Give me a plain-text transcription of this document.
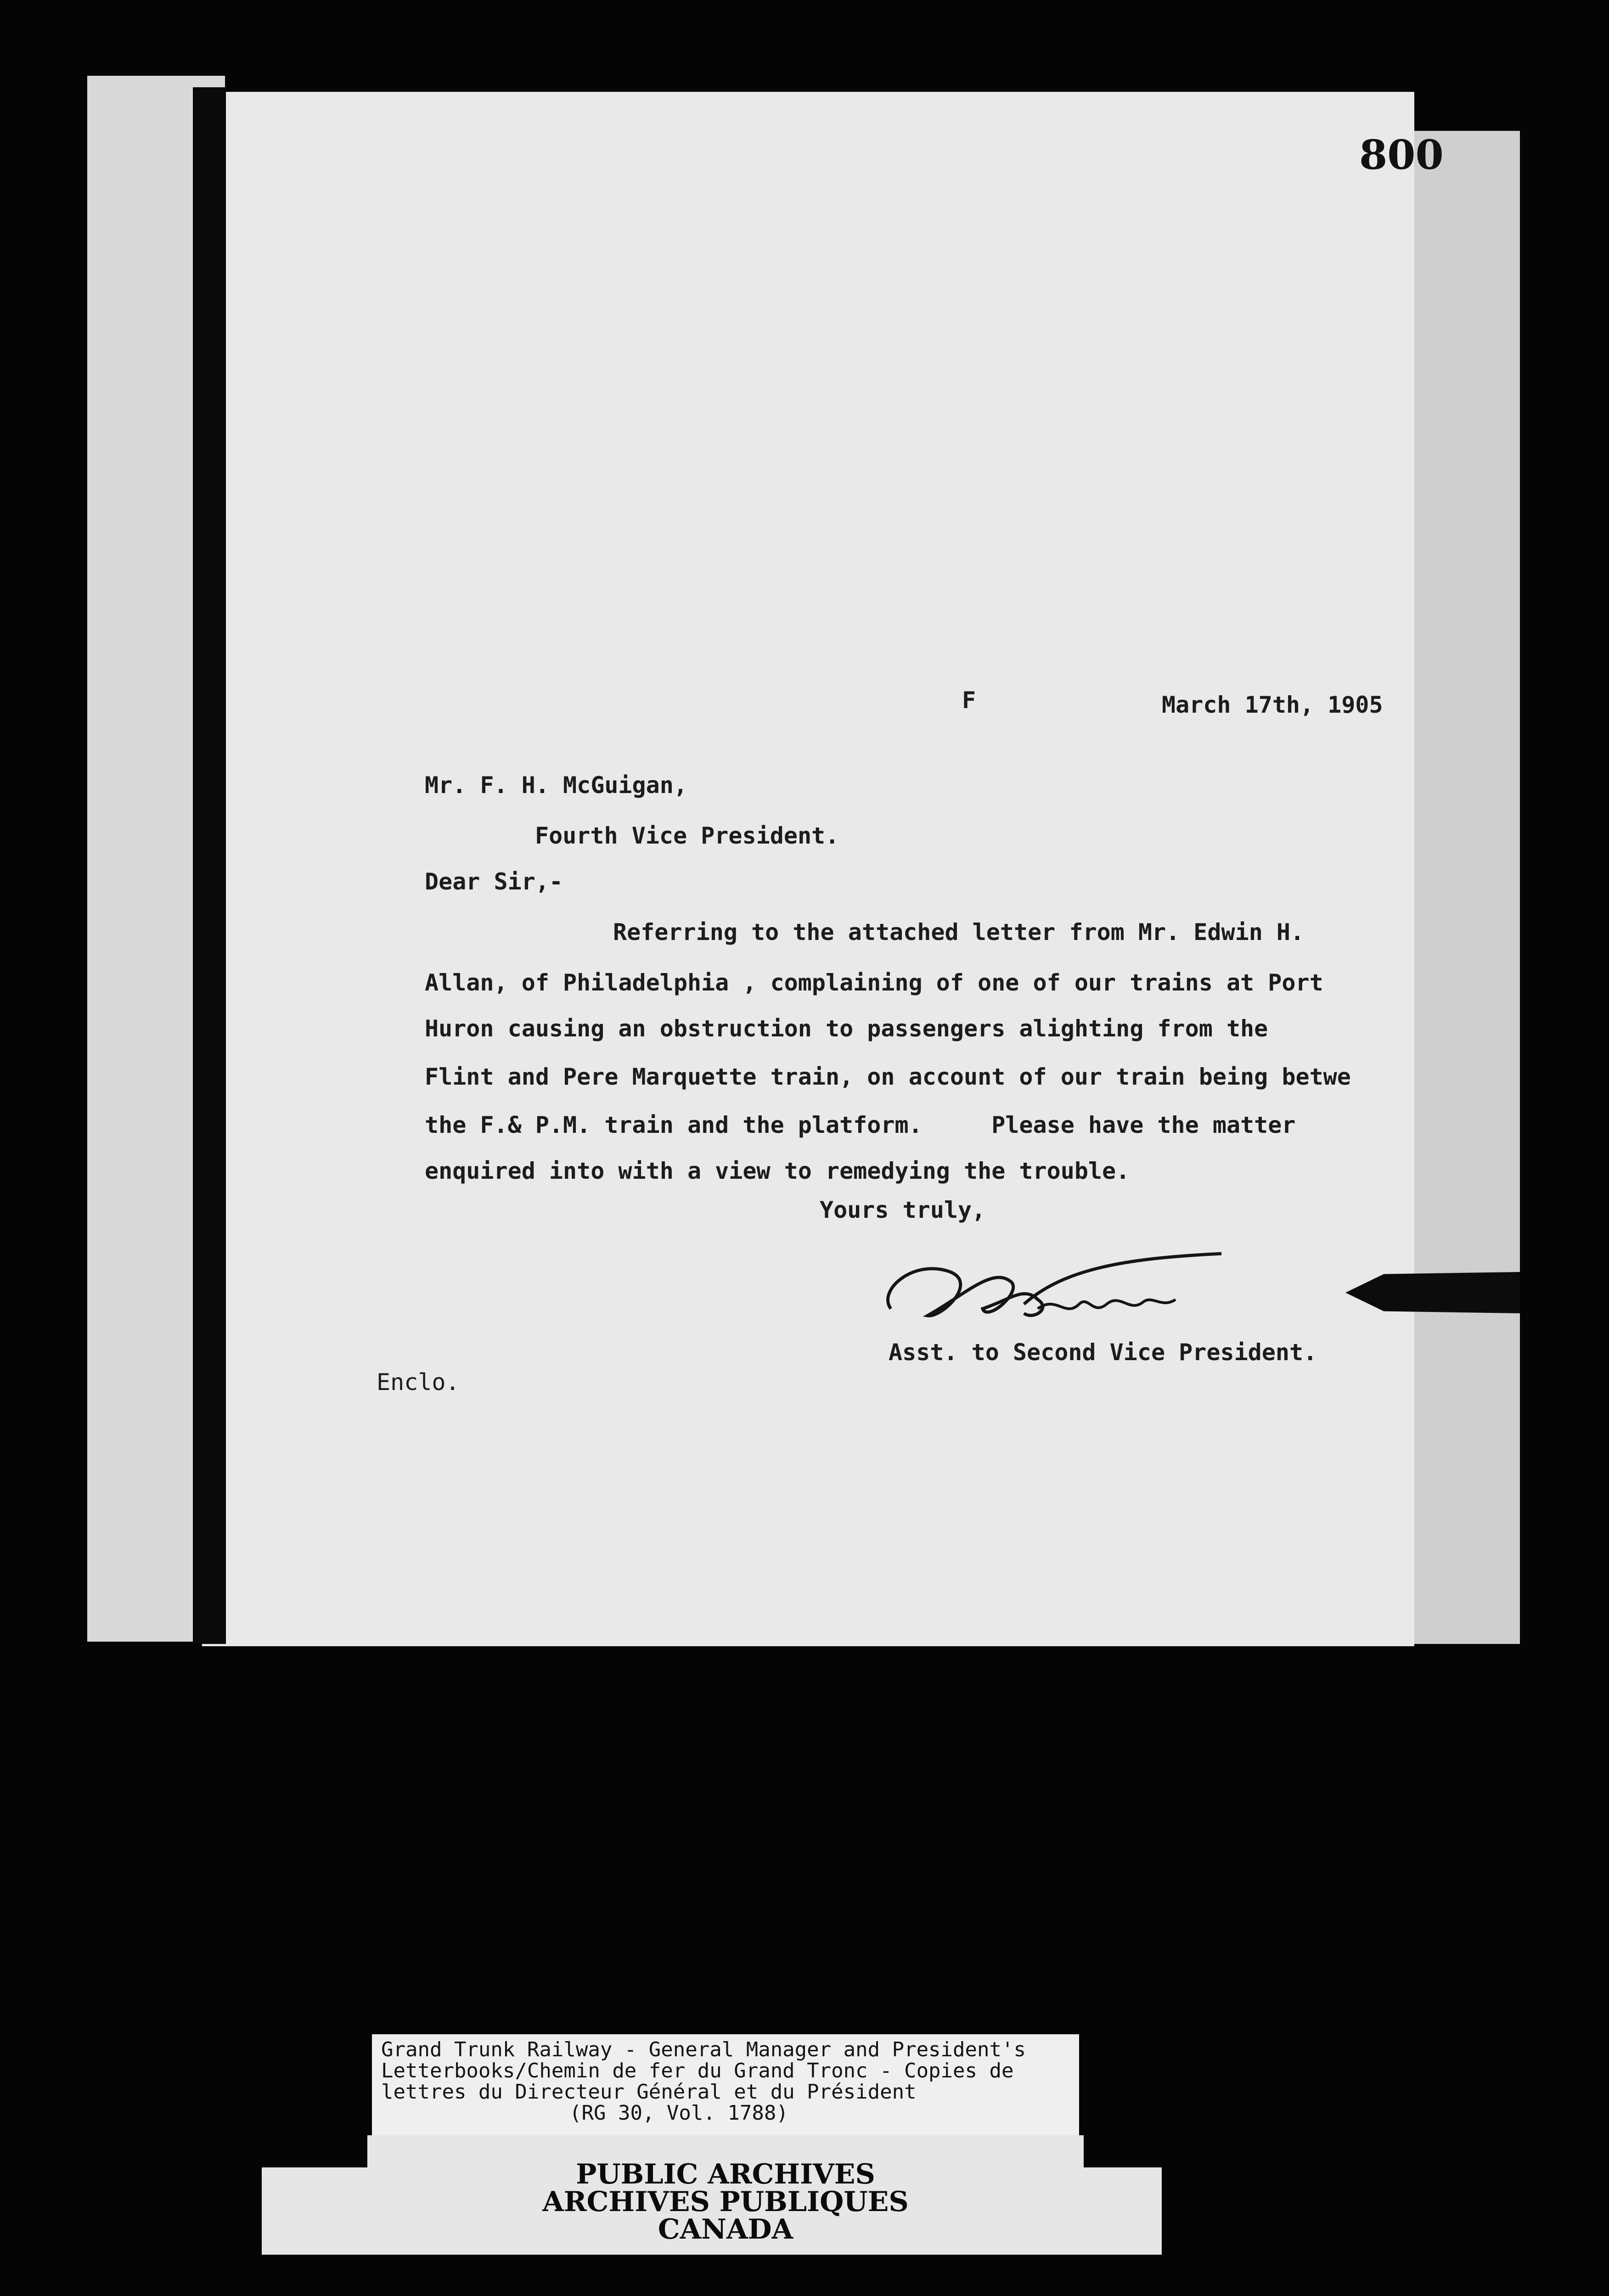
800
F	March 17th, 1905
Mr. F. H. McGuigan,
Fourth Vice President.
Dear Sir,-
Referring to the attached letter from Mr. Edwin H.
Allan, of Philadelphia , complaining of one of our trains at Port
Huron causing an obstruction to passengers alighting from the
Flint and Pere Marquette train, on account of our train being betwe
the F.& P.M. train and the platform.     Please have the matter
enquired into with a view to remedying the trouble.
Yours truly,
Asst. to Second Vice President.
Enclo.
Grand Trunk Railway - General Manager and President's
Letterbooks/Chemin de fer du Grand Tronc - Copies de
lettres du Directeur Général et du Président
(RG 30, Vol. 1788)
PUBLIC ARCHIVES
ARCHIVES PUBLIQUES
CANADA
